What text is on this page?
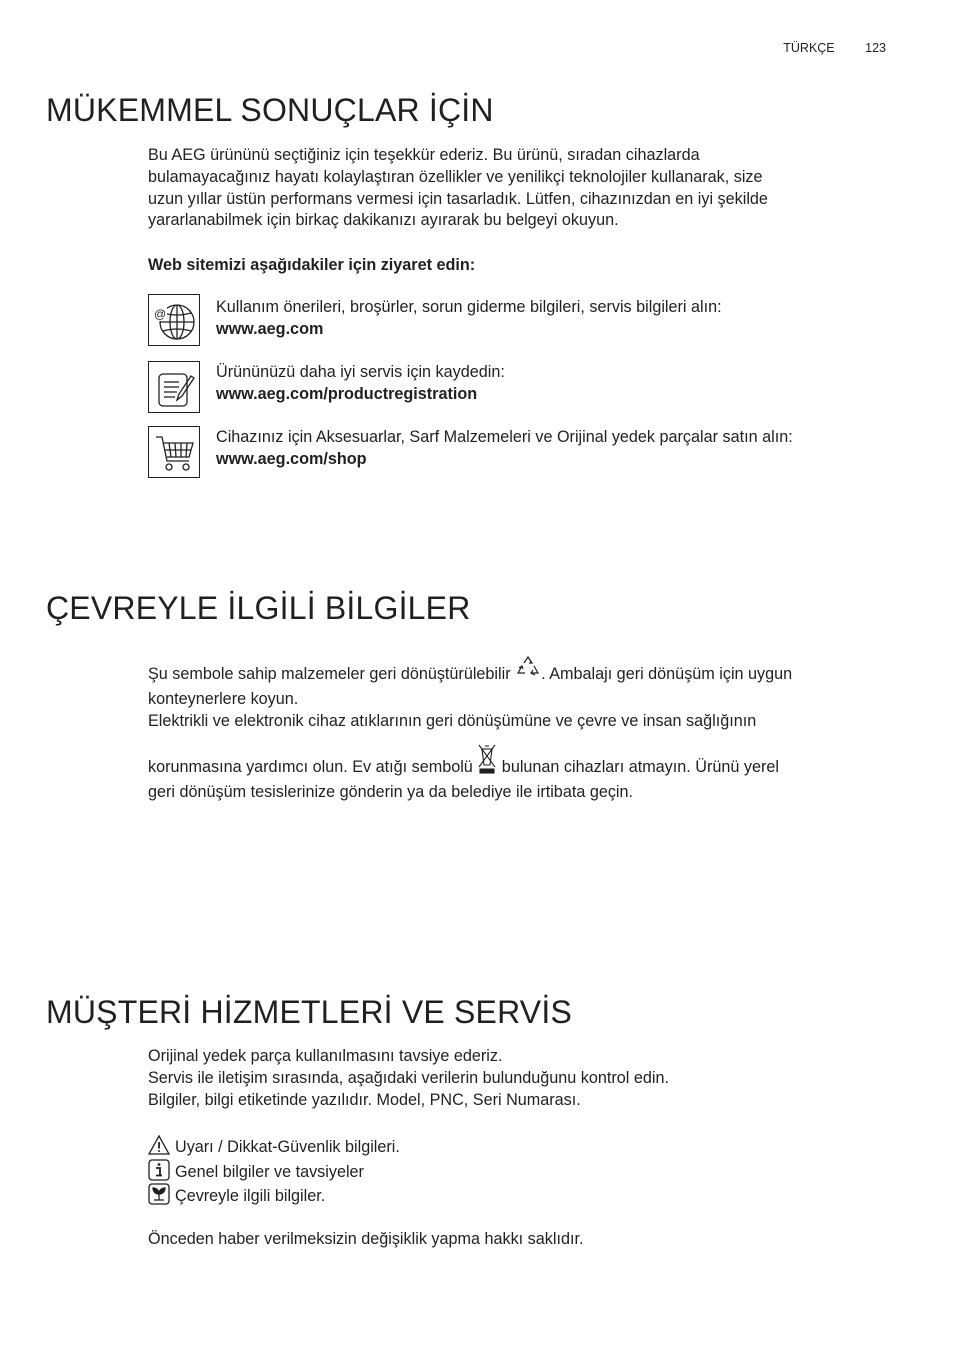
TÜRKÇE 123
MÜKEMMEL SONUÇLAR İÇİN
Bu AEG ürününü seçtiğiniz için teşekkür ederiz. Bu ürünü, sıradan cihazlarda
bulamayacağınız hayatı kolaylaştıran özellikler ve yenilikçi teknolojiler kullanarak, size
uzun yıllar üstün performans vermesi için tasarladık. Lütfen, cihazınızdan en iyi şekilde
yararlanabilmek için birkaç dakikanızı ayırarak bu belgeyi okuyun.
Web sitemizi aşağıdakiler için ziyaret edin:
@	Kullanım önerileri, broşürler, sorun giderme bilgileri, servis bilgileri alın:
www.aeg.com
Ürününüzü daha iyi servis için kaydedin:
www.aeg.com/productregistration
Cihazınız için Aksesuarlar, Sarf Malzemeleri ve Orijinal yedek parçalar satın alın:
www.aeg.com/shop
ÇEVREYLE İLGİLİ BİLGİLER
Şu sembole sahip malzemeler geri dönüştürülebilir . Ambalajı geri dönüşüm için uygun
konteynerlere koyun.
Elektrikli ve elektronik cihaz atıklarının geri dönüşümüne ve çevre ve insan sağlığının
korunmasına yardımcı olun. Ev atığı sembolü  bulunan cihazları atmayın. Ürünü yerel
geri dönüşüm tesislerinize gönderin ya da belediye ile irtibata geçin.
MÜŞTERİ HİZMETLERİ VE SERVİS
Orijinal yedek parça kullanılmasını tavsiye ederiz.
Servis ile iletişim sırasında, aşağıdaki verilerin bulunduğunu kontrol edin.
Bilgiler, bilgi etiketinde yazılıdır. Model, PNC, Seri Numarası.
Uyarı / Dikkat-Güvenlik bilgileri.
Genel bilgiler ve tavsiyeler
Çevreyle ilgili bilgiler.
Önceden haber verilmeksizin değişiklik yapma hakkı saklıdır.
